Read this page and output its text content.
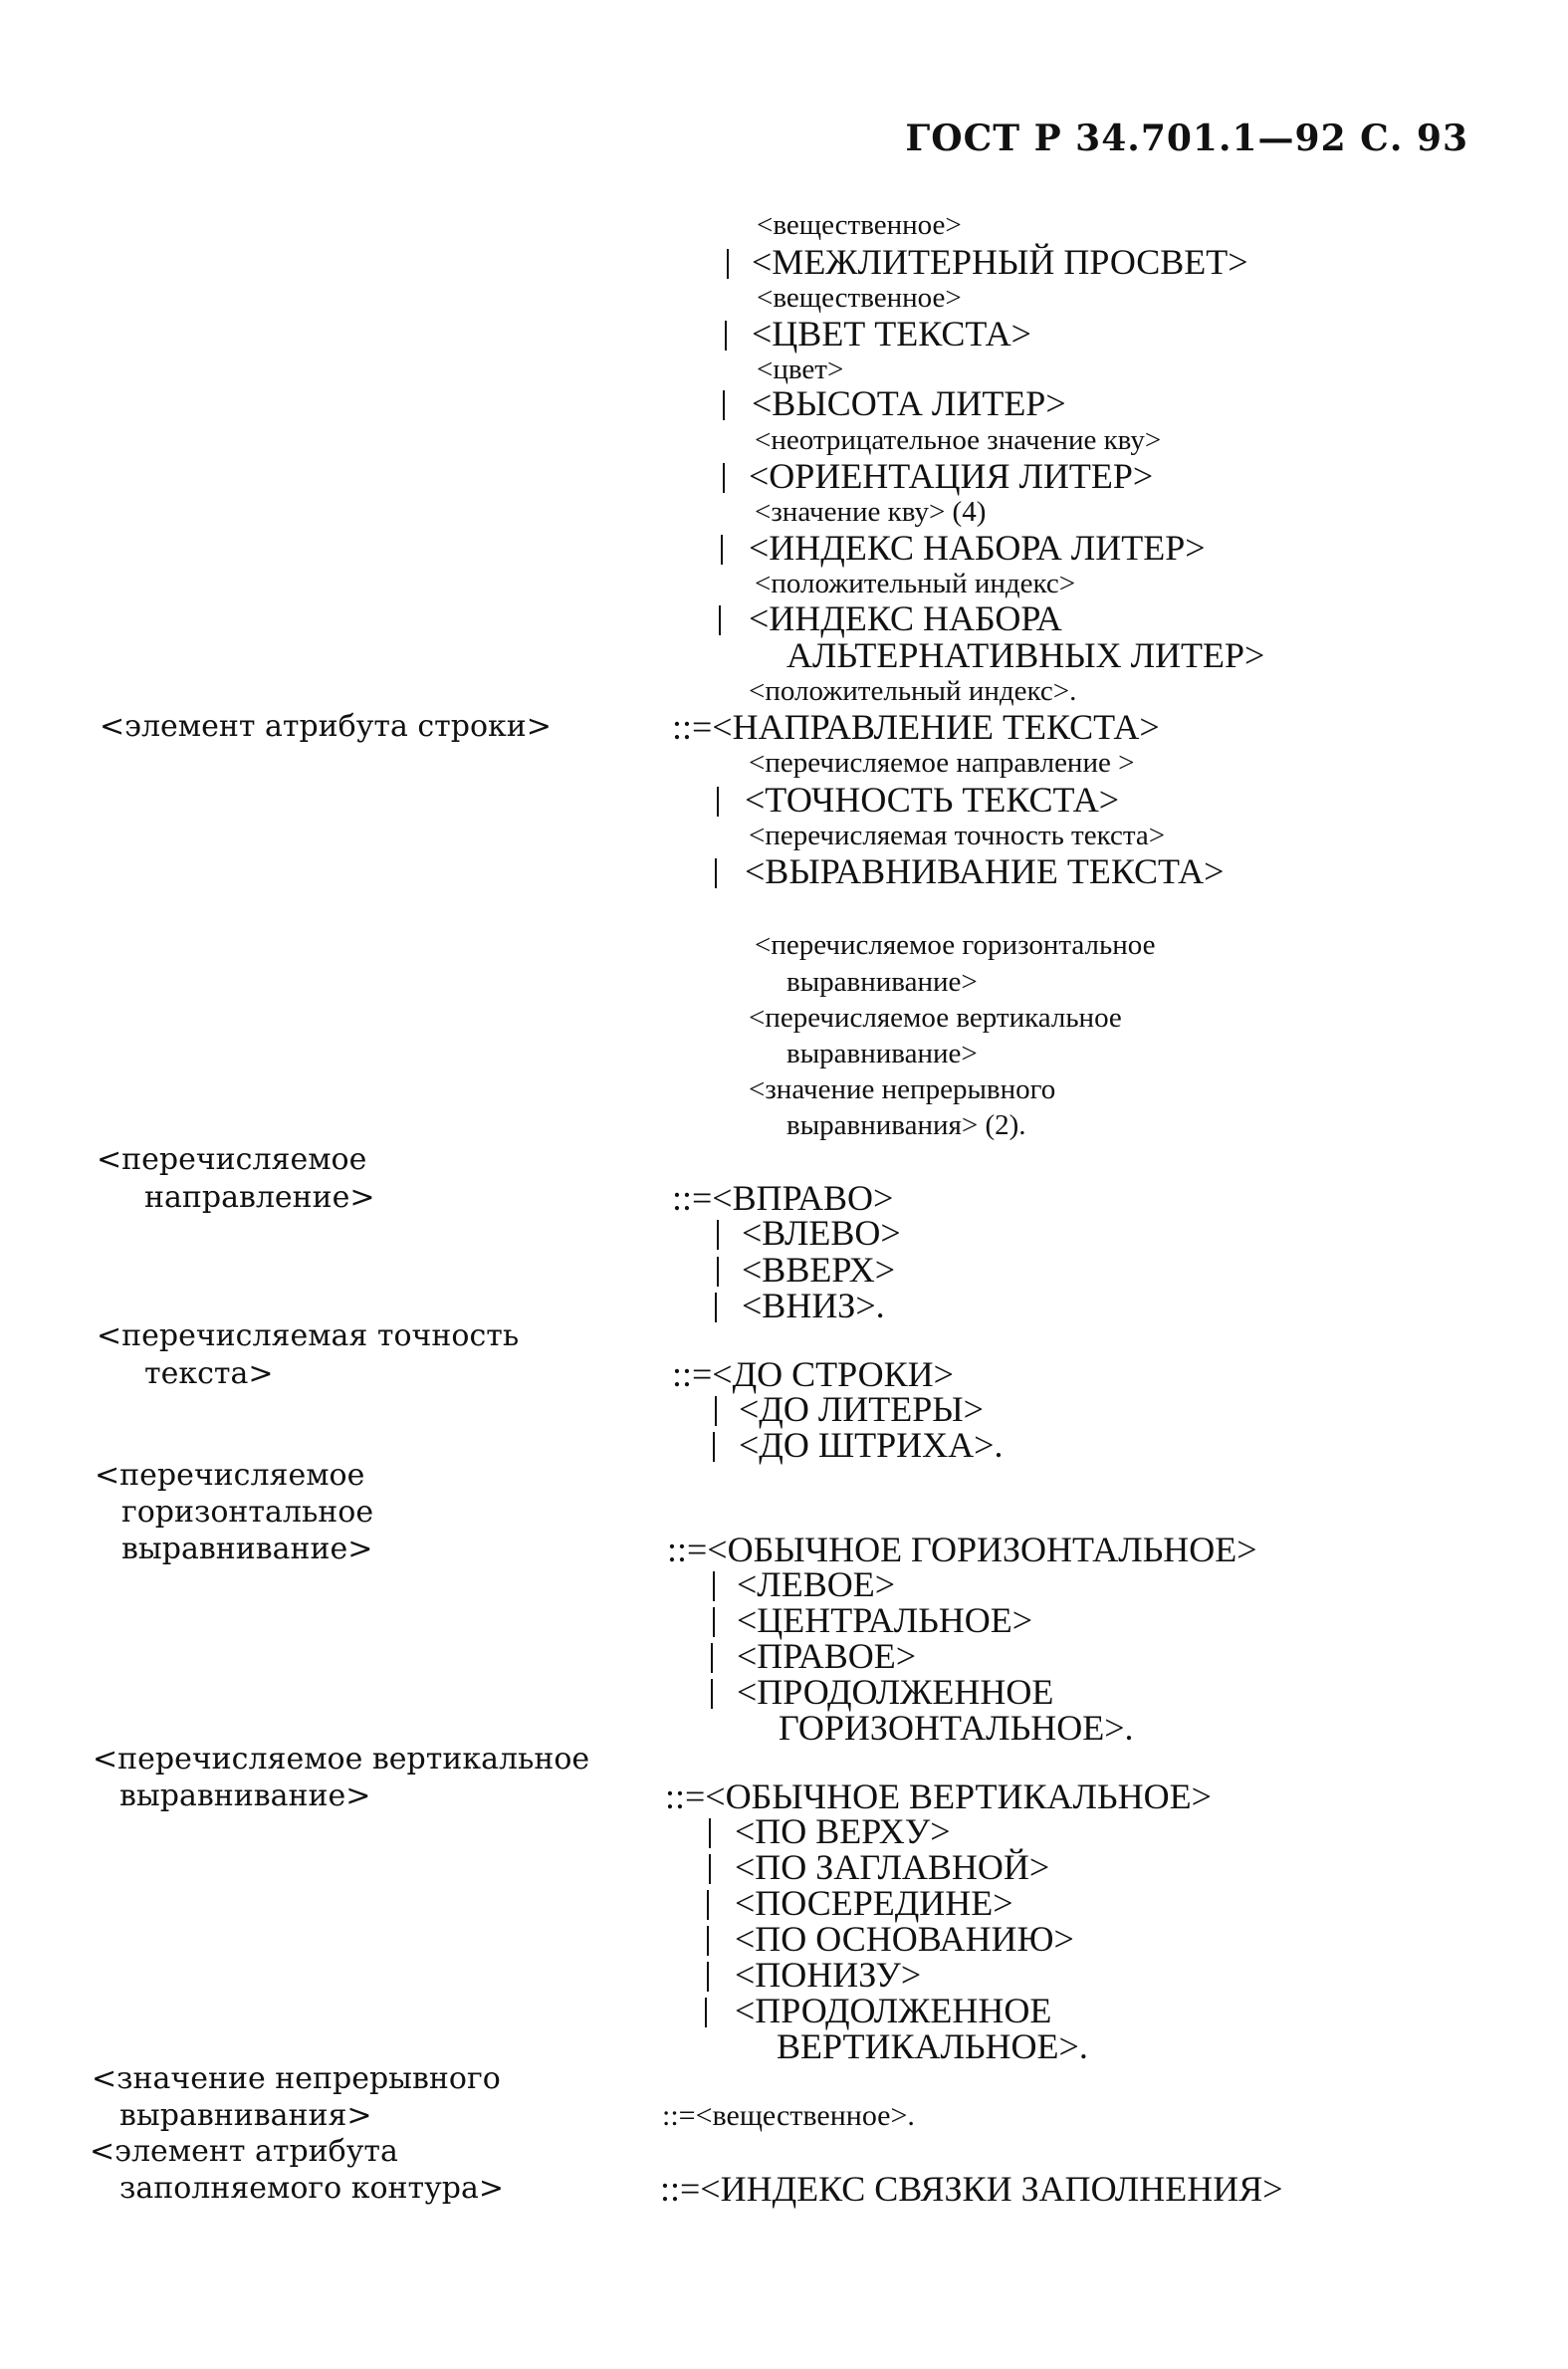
ГОСТ Р 34.701.1—92 С. 93
<вещественное>
<МЕЖЛИТЕРНЫЙ ПРОСВЕТ>
<вещественное>
<ЦВЕТ ТЕКСТА>
<цвет>
<ВЫСОТА ЛИТЕР>
<неотрицательное значение кву>
<ОРИЕНТАЦИЯ ЛИТЕР>
<значение кву> (4)
<ИНДЕКС НАБОРА ЛИТЕР>
<положительный индекс>
<ИНДЕКС НАБОРА
АЛЬТЕРНАТИВНЫХ ЛИТЕР>
<положительный индекс>.
<элемент атрибута строки>	::=<НАПРАВЛЕНИЕ ТЕКСТА>
<перечисляемое направление >
<ТОЧНОСТЬ ТЕКСТА>
<перечисляемая точность текста>
<ВЫРАВНИВАНИЕ ТЕКСТА>
<перечисляемое горизонтальное
выравнивание>
<перечисляемое вертикальное
выравнивание>
<значение непрерывного
выравнивания> (2).
<перечисляемое
направление>	::=<ВПРАВО>
<ВЛЕВО>
<ВВЕРХ>
<ВНИЗ>.
<перечисляемая точность
текста>	::=<ДО СТРОКИ>
<ДО ЛИТЕРЫ>
<ДО ШТРИХА>.
<перечисляемое
горизонтальное
выравнивание>	::=<ОБЫЧНОЕ ГОРИЗОНТАЛЬНОЕ>
<ЛЕВОЕ>
<ЦЕНТРАЛЬНОЕ>
<ПРАВОЕ>
<ПРОДОЛЖЕННОЕ
ГОРИЗОНТАЛЬНОЕ>.
<перечисляемое вертикальное
выравнивание>	::=<ОБЫЧНОЕ ВЕРТИКАЛЬНОЕ>
<ПО ВЕРХУ>
<ПО ЗАГЛАВНОЙ>
<ПОСЕРЕДИНЕ>
<ПО ОСНОВАНИЮ>
<ПОНИЗУ>
<ПРОДОЛЖЕННОЕ
ВЕРТИКАЛЬНОЕ>.
<значение непрерывного
выравнивания>	::=<вещественное>.
<элемент атрибута
заполняемого контура>	::=<ИНДЕКС СВЯЗКИ ЗАПОЛНЕНИЯ>
